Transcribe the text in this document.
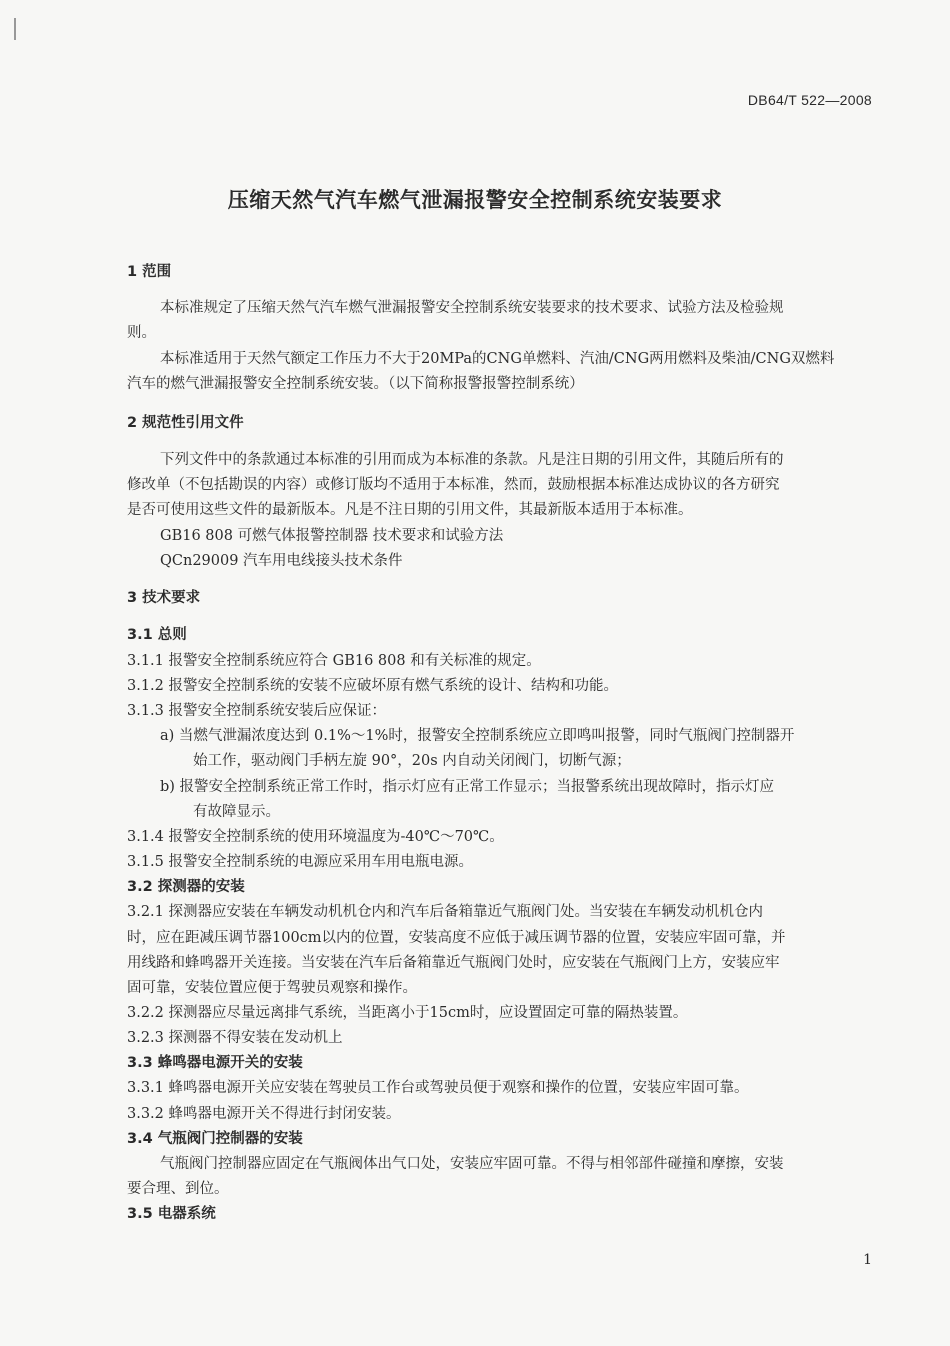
DB64/T 522—2008
压缩天然气汽车燃气泄漏报警安全控制系统安装要求
1 范围
本标准规定了压缩天然气汽车燃气泄漏报警安全控制系统安装要求的技术要求、试验方法及检验规
则。
本标准适用于天然气额定工作压力不大于20MPa的CNG单燃料、汽油/CNG两用燃料及柴油/CNG双燃料
汽车的燃气泄漏报警安全控制系统安装。（以下简称报警报警控制系统）
2 规范性引用文件
下列文件中的条款通过本标准的引用而成为本标准的条款。凡是注日期的引用文件，其随后所有的
修改单（不包括勘误的内容）或修订版均不适用于本标准，然而，鼓励根据本标准达成协议的各方研究
是否可使用这些文件的最新版本。凡是不注日期的引用文件，其最新版本适用于本标准。
GB16 808 可燃气体报警控制器 技术要求和试验方法
QCn29009 汽车用电线接头技术条件
3 技术要求
3.1 总则
3.1.1 报警安全控制系统应符合 GB16 808 和有关标准的规定。
3.1.2 报警安全控制系统的安装不应破坏原有燃气系统的设计、结构和功能。
3.1.3 报警安全控制系统安装后应保证：
a) 当燃气泄漏浓度达到 0.1%～1%时，报警安全控制系统应立即鸣叫报警，同时气瓶阀门控制器开
始工作，驱动阀门手柄左旋 90°，20s 内自动关闭阀门，切断气源；
b) 报警安全控制系统正常工作时，指示灯应有正常工作显示；当报警系统出现故障时，指示灯应
有故障显示。
3.1.4 报警安全控制系统的使用环境温度为-40℃～70℃。
3.1.5 报警安全控制系统的电源应采用车用电瓶电源。
3.2 探测器的安装
3.2.1 探测器应安装在车辆发动机机仓内和汽车后备箱靠近气瓶阀门处。当安装在车辆发动机机仓内
时，应在距减压调节器100cm以内的位置，安装高度不应低于减压调节器的位置，安装应牢固可靠，并
用线路和蜂鸣器开关连接。当安装在汽车后备箱靠近气瓶阀门处时，应安装在气瓶阀门上方，安装应牢
固可靠，安装位置应便于驾驶员观察和操作。
3.2.2 探测器应尽量远离排气系统，当距离小于15cm时，应设置固定可靠的隔热装置。
3.2.3 探测器不得安装在发动机上
3.3 蜂鸣器电源开关的安装
3.3.1 蜂鸣器电源开关应安装在驾驶员工作台或驾驶员便于观察和操作的位置，安装应牢固可靠。
3.3.2 蜂鸣器电源开关不得进行封闭安装。
3.4 气瓶阀门控制器的安装
气瓶阀门控制器应固定在气瓶阀体出气口处，安装应牢固可靠。不得与相邻部件碰撞和摩擦，安装
要合理、到位。
3.5 电器系统
1
